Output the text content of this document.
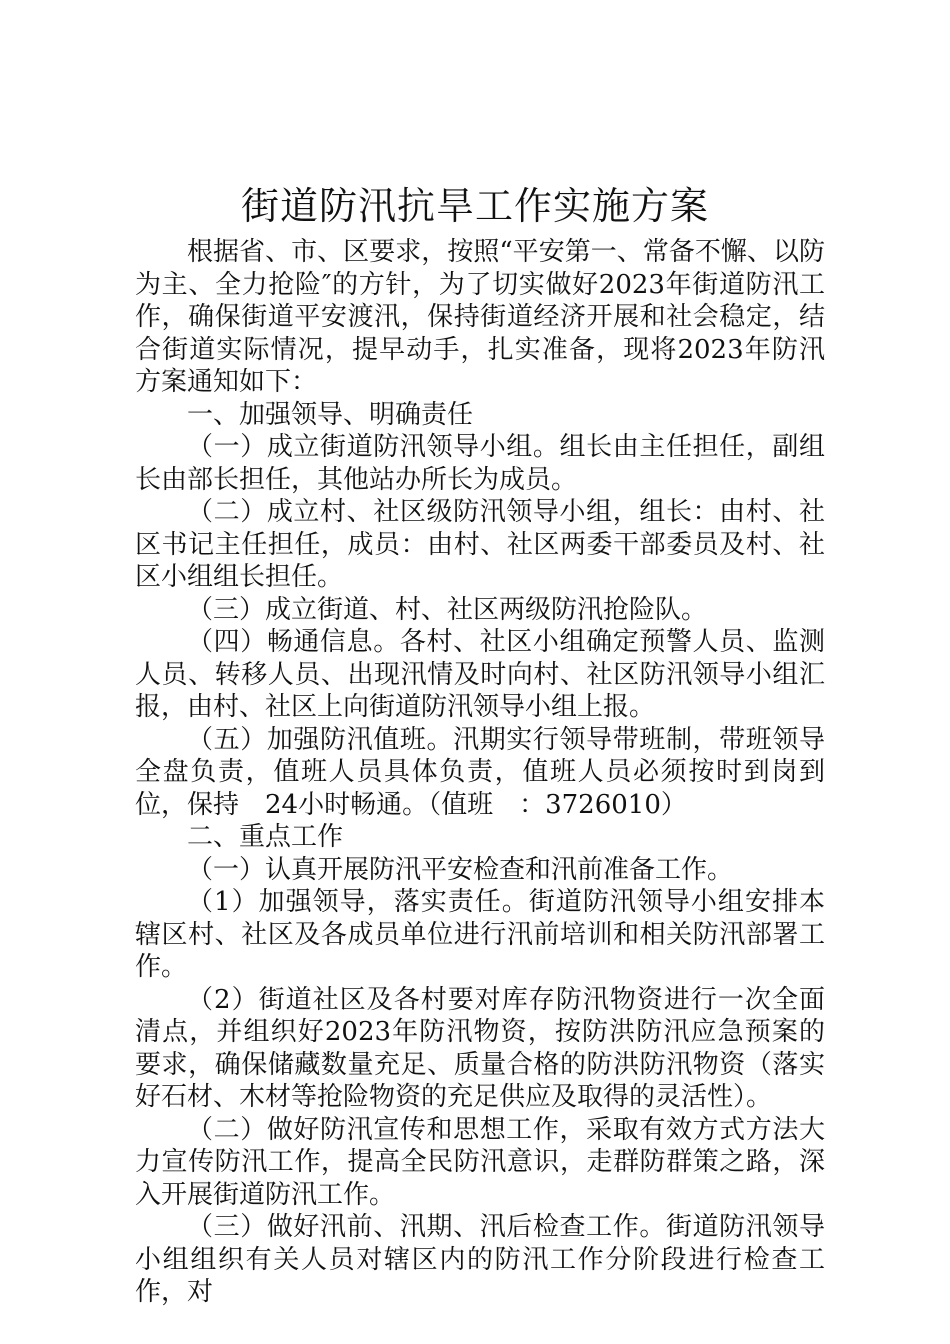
街道防汛抗旱工作实施方案

根据省、市、区要求，按照“平安第一、常备不懈、以防为主、全力抢险″的方针，为了切实做好2023年街道防汛工作，确保街道平安渡汛，保持街道经济开展和社会稳定，结合街道实际情况，提早动手，扎实准备，现将2023年防汛方案通知如下：

一、加强领导、明确责任

（一）成立街道防汛领导小组。组长由主任担任，副组长由部长担任，其他站办所长为成员。

（二）成立村、社区级防汛领导小组，组长：由村、社区书记主任担任，成员：由村、社区两委干部委员及村、社区小组组长担任。

（三）成立街道、村、社区两级防汛抢险队。

（四）畅通信息。各村、社区小组确定预警人员、监测人员、转移人员、出现汛情及时向村、社区防汛领导小组汇报，由村、社区上向街道防汛领导小组上报。

（五）加强防汛值班。汛期实行领导带班制，带班领导全盘负责，值班人员具体负责，值班人员必须按时到岗到位，保持　24小时畅通。（值班　：3726010）

二、重点工作

（一）认真开展防汛平安检查和汛前准备工作。

（1）加强领导，落实责任。街道防汛领导小组安排本辖区村、社区及各成员单位进行汛前培训和相关防汛部署工作。

（2）街道社区及各村要对库存防汛物资进行一次全面清点，并组织好2023年防汛物资，按防洪防汛应急预案的要求，确保储藏数量充足、质量合格的防洪防汛物资（落实好石材、木材等抢险物资的充足供应及取得的灵活性）。

（二）做好防汛宣传和思想工作，采取有效方式方法大力宣传防汛工作，提高全民防汛意识，走群防群策之路，深入开展街道防汛工作。

（三）做好汛前、汛期、汛后检查工作。街道防汛领导小组组织有关人员对辖区内的防汛工作分阶段进行检查工作，对
